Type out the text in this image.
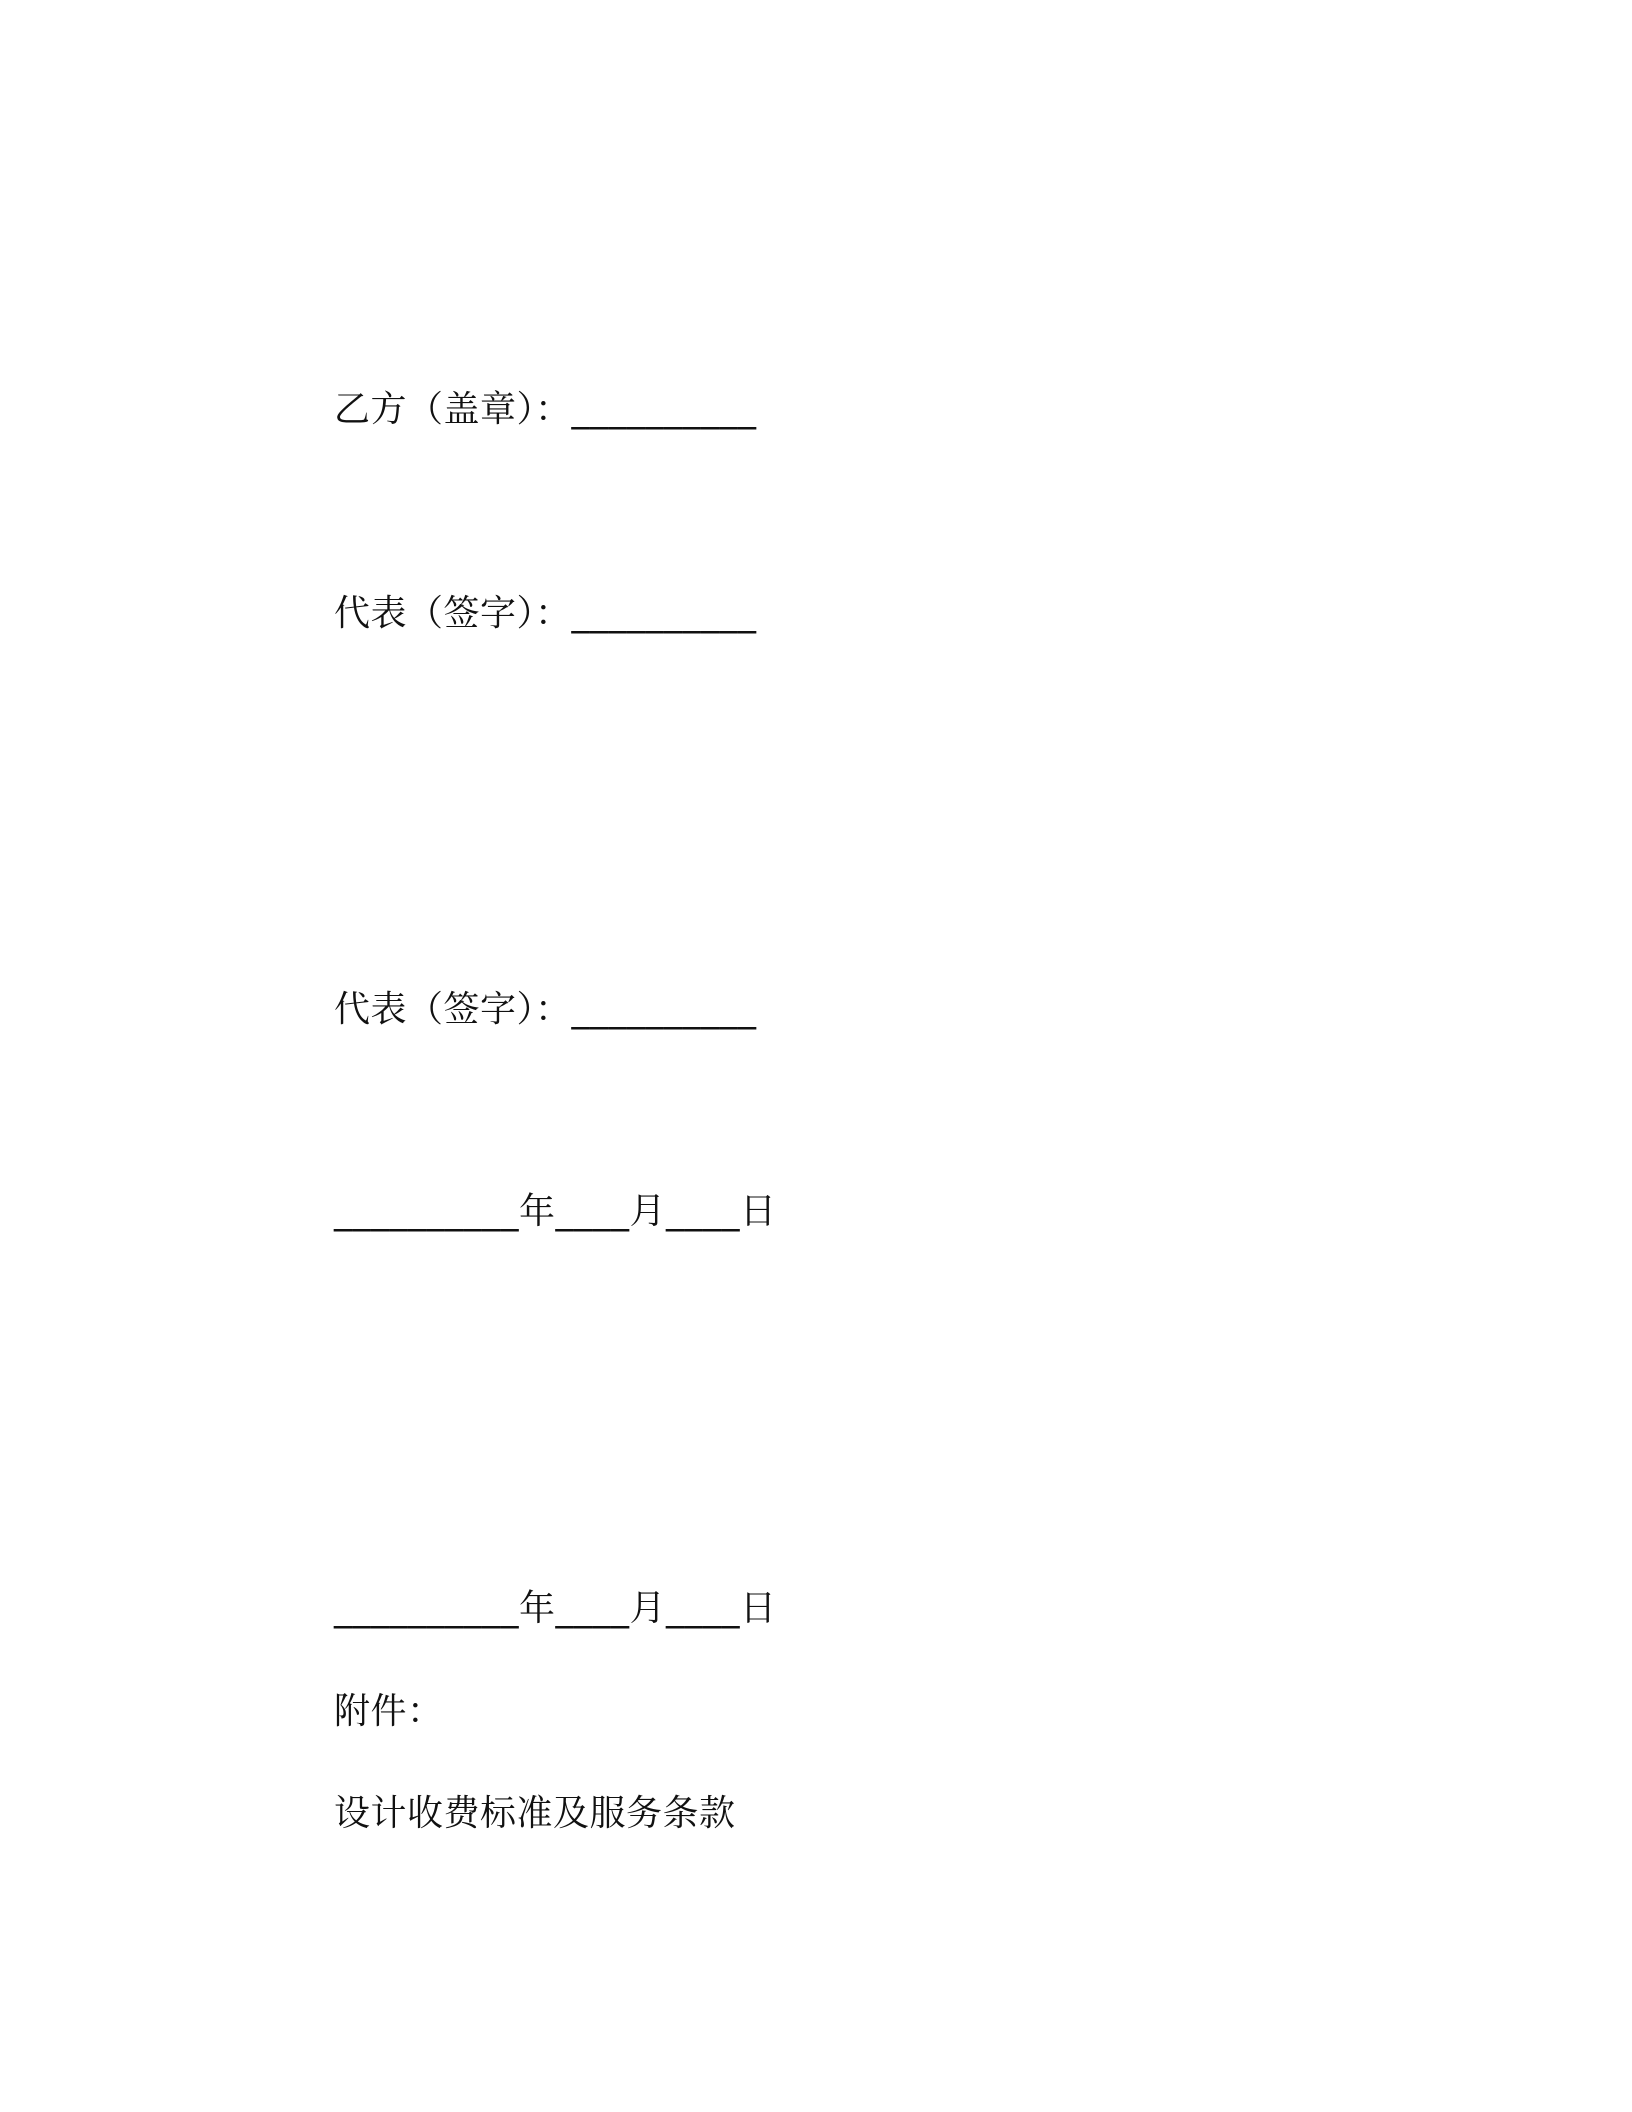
乙方（盖章）：__________
代表（签字）：__________
代表（签字）：__________
__________年____月____日
__________年____月____日
附件：
设计收费标准及服务条款
